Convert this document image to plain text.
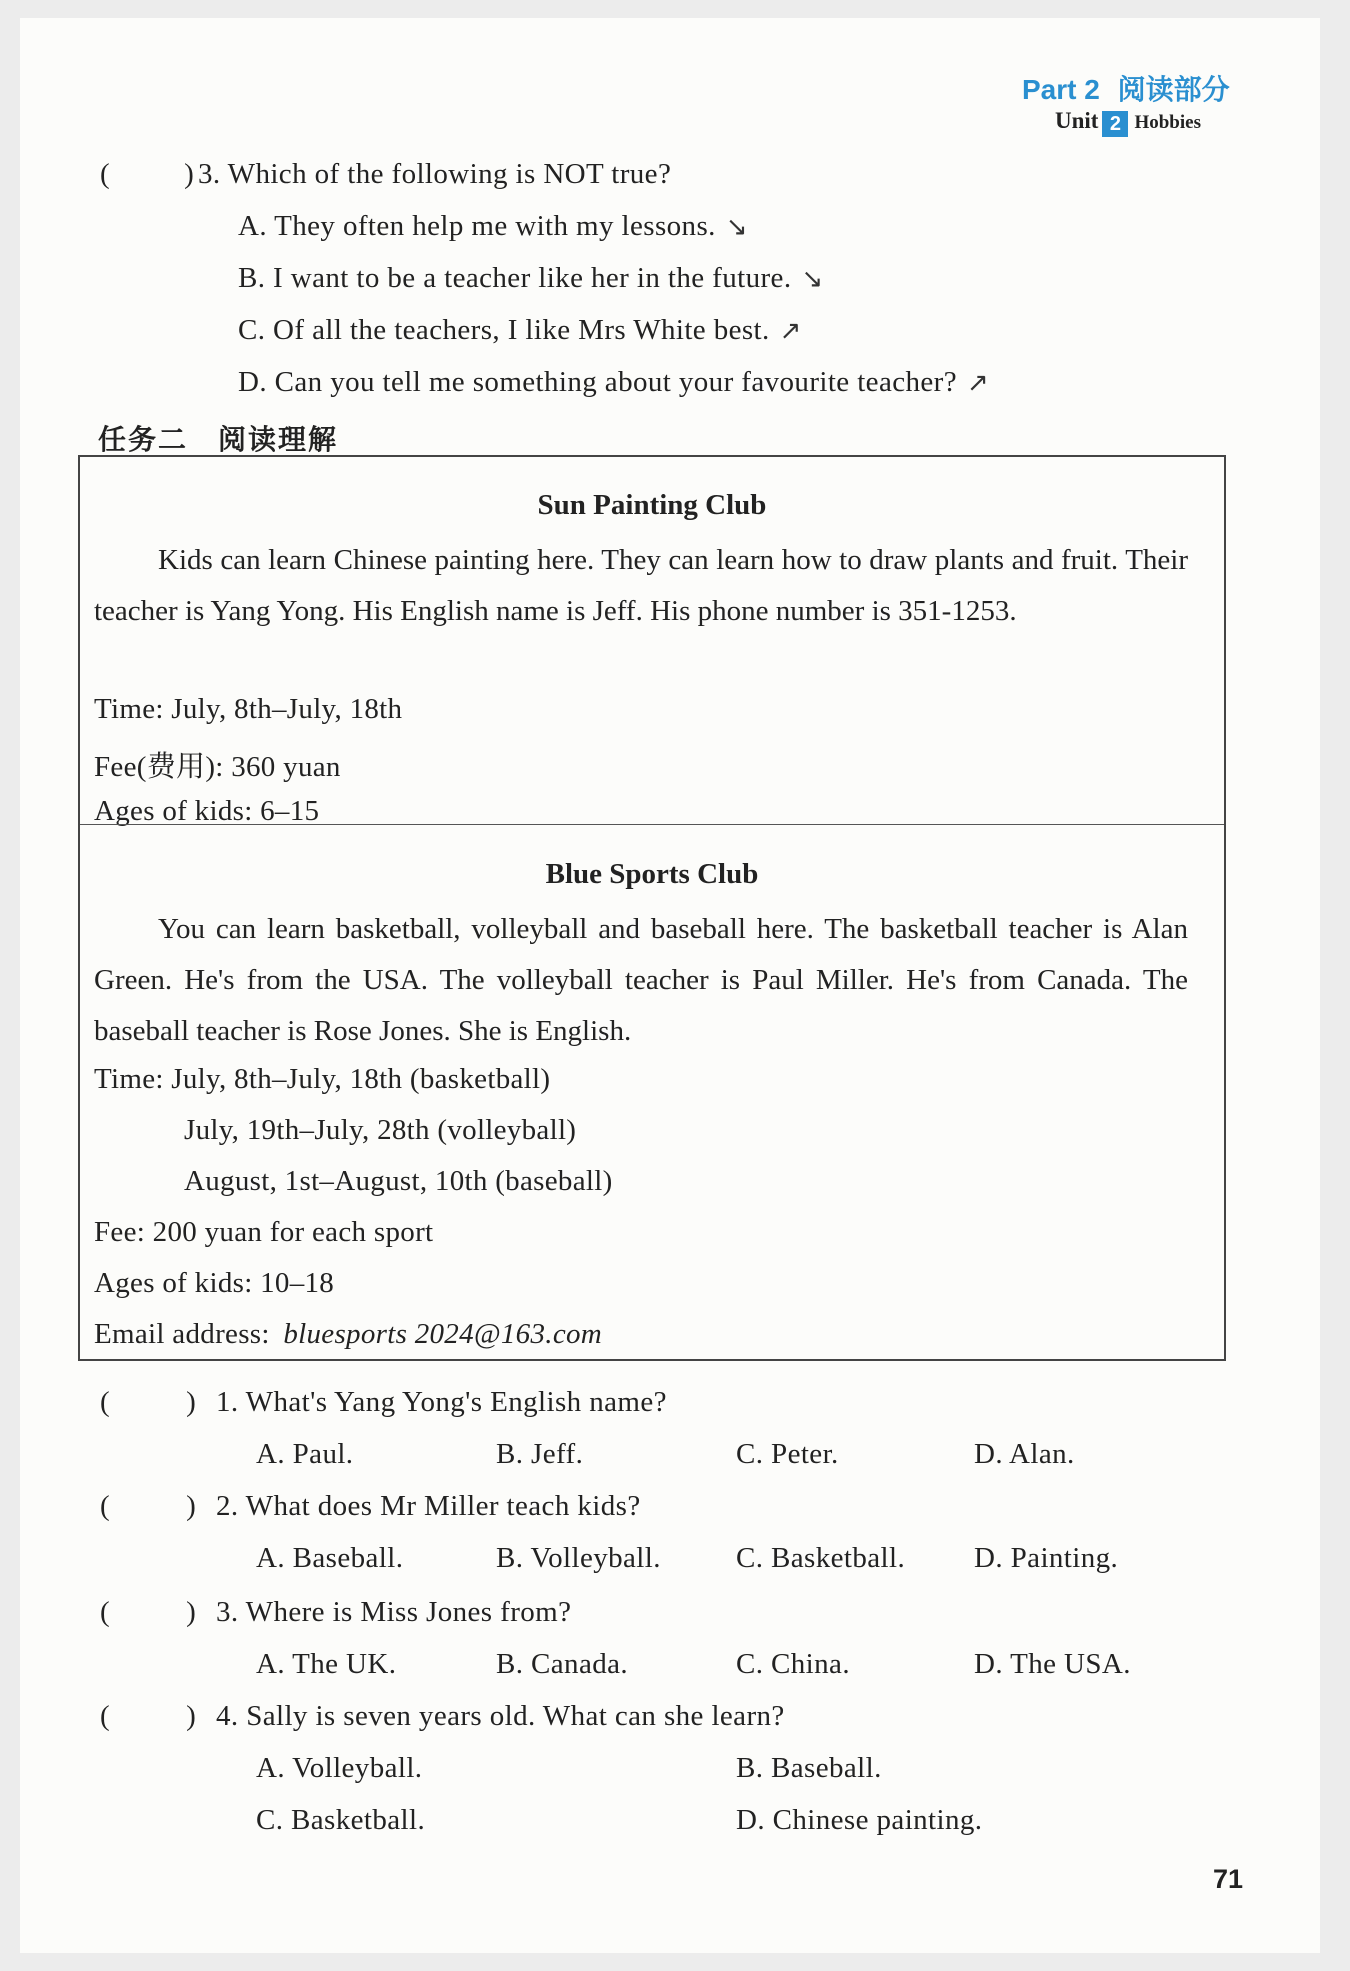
Part 2 阅读部分
Unit 2 Hobbies
(	) 3. Which of the following is NOT true?
A. They often help me with my lessons. ↘
B. I want to be a teacher like her in the future. ↘
C. Of all the teachers, I like Mrs White best. ↗
D. Can you tell me something about your favourite teacher? ↗
任务二　阅读理解
Sun Painting Club
Kids can learn Chinese painting here. They can learn how to draw plants and fruit. Their teacher is Yang Yong. His English name is Jeff. His phone number is 351-1253.
Time: July, 8th–July, 18th
Fee(费用): 360 yuan
Ages of kids: 6–15
Blue Sports Club
You can learn basketball, volleyball and baseball here. The basketball teacher is Alan Green. He's from the USA. The volleyball teacher is Paul Miller. He's from Canada. The baseball teacher is Rose Jones. She is English.
Time: July, 8th–July, 18th (basketball)
July, 19th–July, 28th (volleyball)
August, 1st–August, 10th (baseball)
Fee: 200 yuan for each sport
Ages of kids: 10–18
Email address: bluesports 2024@163.com
(	) 1. What's Yang Yong's English name?
A. Paul.	B. Jeff.	C. Peter.	D. Alan.
(	) 2. What does Mr Miller teach kids?
A. Baseball.	B. Volleyball.	C. Basketball. D. Painting.
(	) 3. Where is Miss Jones from?
A. The UK.	B. Canada.	C. China.	D. The USA.
(	) 4. Sally is seven years old. What can she learn?
A. Volleyball.	B. Baseball.
C. Basketball.	D. Chinese painting.
71
